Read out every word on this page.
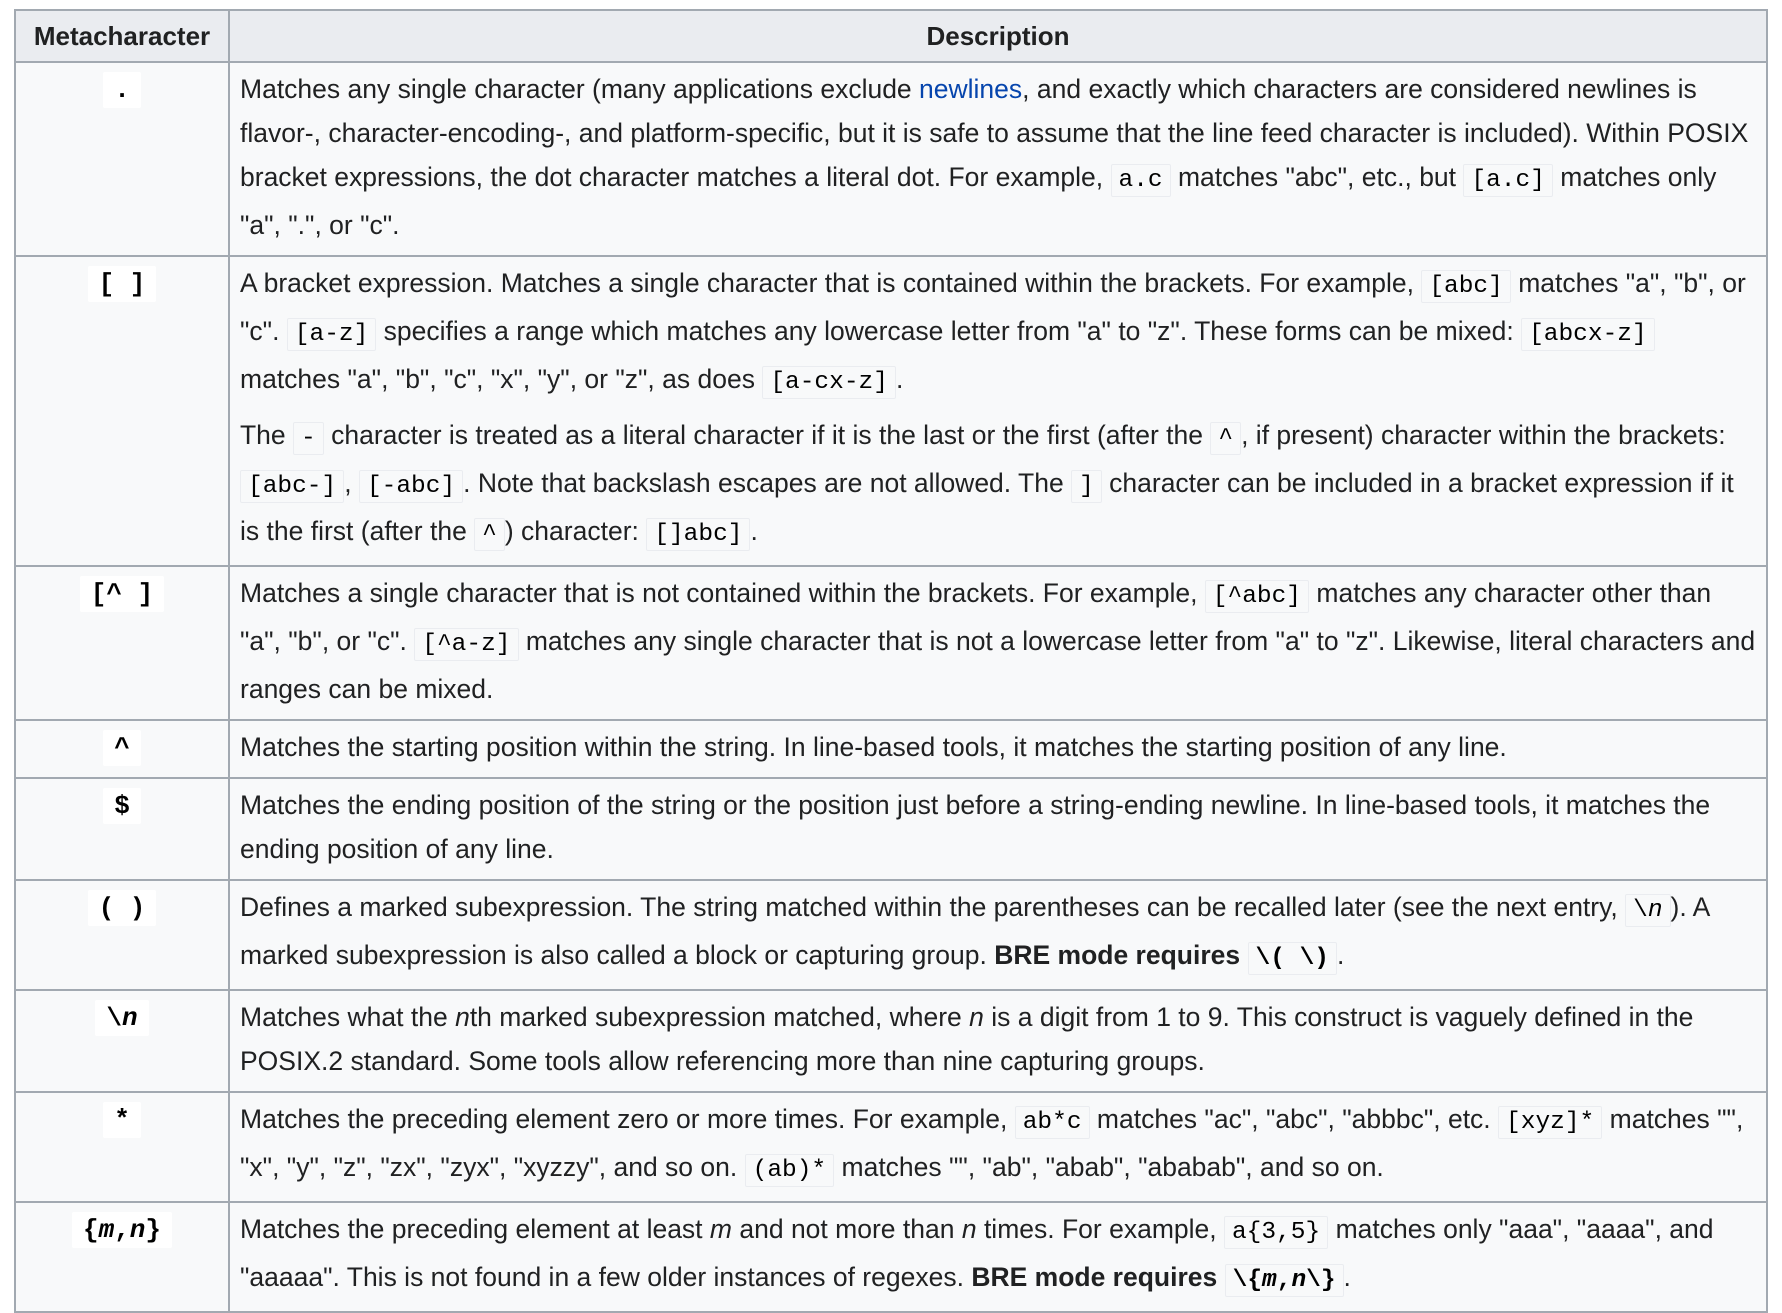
Metacharacter	Description
.	Matches any single character (many applications exclude newlines, and exactly which characters are considered newlines is flavor-, character-encoding-, and platform-specific, but it is safe to assume that the line feed character is included). Within POSIX bracket expressions, the dot character matches a literal dot. For example, a.c matches "abc", etc., but [a.c] matches only "a", ".", or "c".
[ ]	A bracket expression. Matches a single character that is contained within the brackets. For example, [abc] matches "a", "b", or "c". [a-z] specifies a range which matches any lowercase letter from "a" to "z". These forms can be mixed: [abcx-z] matches "a", "b", "c", "x", "y", or "z", as does [a-cx-z] .
The - character is treated as a literal character if it is the last or the first (after the ^ , if present) character within the brackets: [abc-] , [-abc] . Note that backslash escapes are not allowed. The ] character can be included in a bracket expression if it is the first (after the ^ ) character: []abc] .

[^ ]	Matches a single character that is not contained within the brackets. For example, [^abc] matches any character other than "a", "b", or "c". [^a-z] matches any single character that is not a lowercase letter from "a" to "z". Likewise, literal characters and ranges can be mixed.
^	Matches the starting position within the string. In line-based tools, it matches the starting position of any line.
$	Matches the ending position of the string or the position just before a string-ending newline. In line-based tools, it matches the ending position of any line.
( )	Defines a marked subexpression. The string matched within the parentheses can be recalled later (see the next entry, \n ). A marked subexpression is also called a block or capturing group. BRE mode requires \( \) .
\n	Matches what the nth marked subexpression matched, where n is a digit from 1 to 9. This construct is vaguely defined in the POSIX.2 standard. Some tools allow referencing more than nine capturing groups.
*	Matches the preceding element zero or more times. For example, ab*c matches "ac", "abc", "abbbc", etc. [xyz]* matches "", "x", "y", "z", "zx", "zyx", "xyzzy", and so on. (ab)* matches "", "ab", "abab", "ababab", and so on.
{m,n}	Matches the preceding element at least m and not more than n times. For example, a{3,5} matches only "aaa", "aaaa", and "aaaaa". This is not found in a few older instances of regexes. BRE mode requires \{m,n\} .
